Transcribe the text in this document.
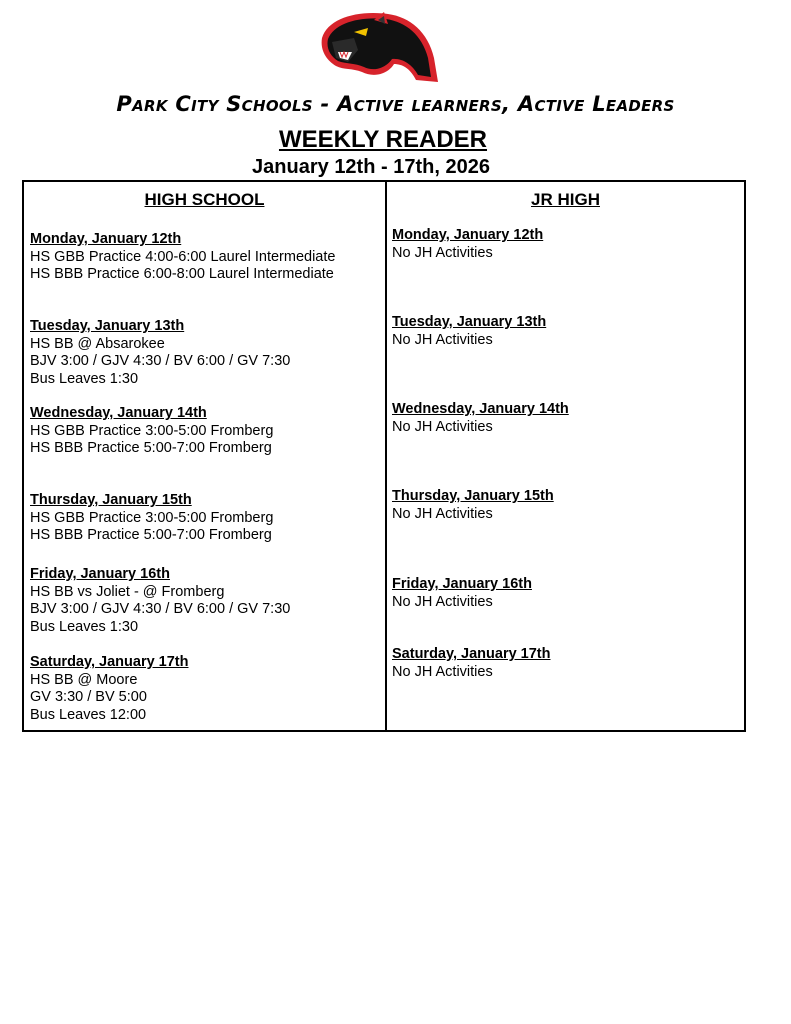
Park City Schools - Active learners, Active Leaders
WEEKLY READER
January 12th - 17th, 2026
HIGH SCHOOL	JR HIGH
Monday, January 12th
HS GBB Practice 4:00-6:00 Laurel Intermediate
HS BBB Practice 6:00-8:00 Laurel Intermediate
Tuesday, January 13th
HS BB @ Absarokee
BJV 3:00 / GJV 4:30 / BV 6:00 / GV 7:30
Bus Leaves 1:30
Wednesday, January 14th
HS GBB Practice 3:00-5:00 Fromberg
HS BBB Practice 5:00-7:00 Fromberg
Thursday, January 15th
HS GBB Practice 3:00-5:00 Fromberg
HS BBB Practice 5:00-7:00 Fromberg
Friday, January 16th
HS BB vs Joliet - @ Fromberg
BJV 3:00 / GJV 4:30 / BV 6:00 / GV 7:30
Bus Leaves 1:30
Saturday, January 17th
HS BB @ Moore
GV 3:30 / BV 5:00
Bus Leaves 12:00
Monday, January 12th
No JH Activities
Tuesday, January 13th
No JH Activities
Wednesday, January 14th
No JH Activities
Thursday, January 15th
No JH Activities
Friday, January 16th
No JH Activities
Saturday, January 17th
No JH Activities
